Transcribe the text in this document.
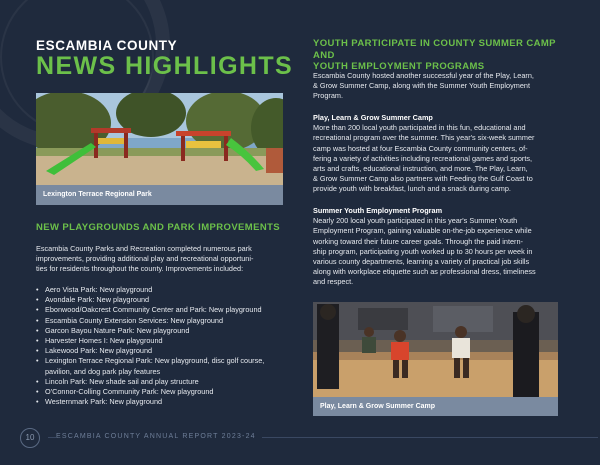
ESCAMBIA COUNTY
NEWS HIGHLIGHTS
Lexington Terrace Regional Park
NEW PLAYGROUNDS AND PARK IMPROVEMENTS

Escambia County Parks and Recreation completed numerous park

improvements, providing additional play and recreational opportuni-

ties for residents throughout the county. Improvements included:

• Aero Vista Park: New playground
• Avondale Park: New playground
• Ebonwood/Oakcrest Community Center and Park: New playground
• Escambia County Extension Services: New playground
• Garcon Bayou Nature Park: New playground
• Harvester Homes I: New playground
• Lakewood Park: New playground
• Lexington Terrace Regional Park: New playground, disc golf course,
pavilion, and dog park play features
• Lincoln Park: New shade sail and play structure
• O'Connor-Colling Community Park: New playground
• Westernmark Park: New playground
YOUTH PARTICIPATE IN COUNTY SUMMER CAMP AND
YOUTH EMPLOYMENT PROGRAMS

Escambia County hosted another successful year of the Play, Learn,

& Grow Summer Camp, along with the Summer Youth Employment

Program.

Play, Learn & Grow Summer Camp

More than 200 local youth participated in this fun, educational and

recreational program over the summer. This year's six-week summer

camp was hosted at four Escambia County community centers, of-

fering a variety of activities including recreational games and sports,

arts and crafts, educational instruction, and more. The Play, Learn,

& Grow Summer Camp also partners with Feeding the Gulf Coast to

provide youth with breakfast, lunch and a snack during camp.

Summer Youth Employment Program

Nearly 200 local youth participated in this year's Summer Youth

Employment Program, gaining valuable on-the-job experience while

working toward their future career goals. Through the paid intern-

ship program, participating youth worked up to 30 hours per week in

various county departments, learning a variety of practical job skills

along with workplace etiquette such as professional dress, timeliness

and respect.

Play, Learn & Grow Summer Camp
10	ESCAMBIA COUNTY ANNUAL REPORT 2023-24
